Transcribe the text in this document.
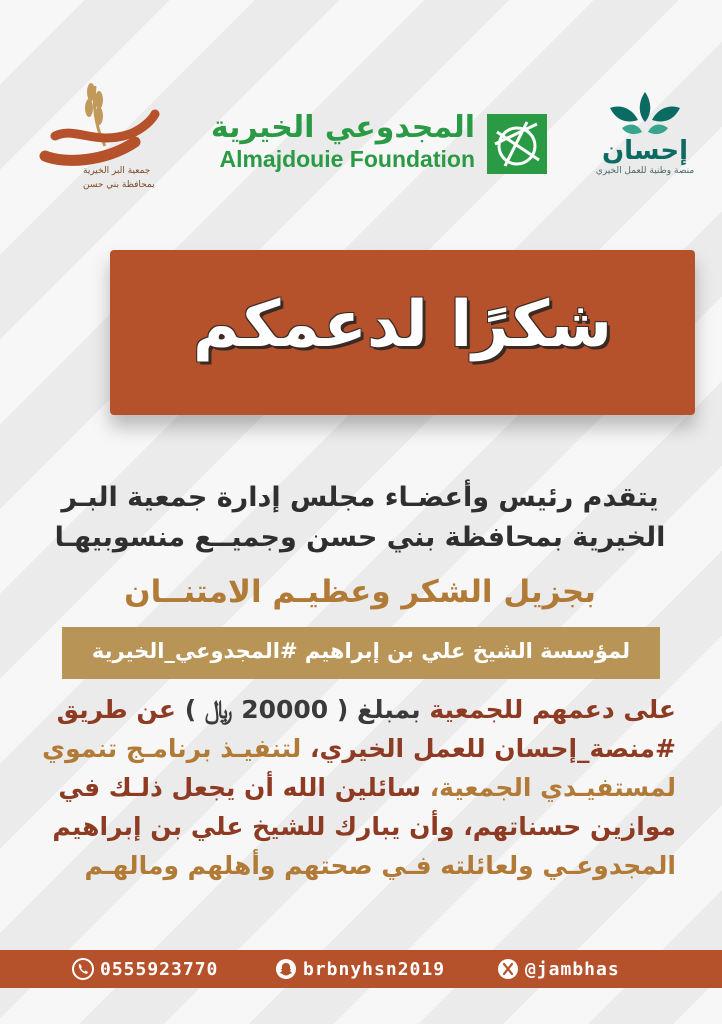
إحسان
منصة وطنية للعمل الخيري
المجدوعي الخيرية
Almajdouie Foundation
جمعية البر الخيرية
بمحافظة بني حسن
شكرًا لدعمكم

يتقدم رئيس وأعضـاء مجلس إدارة جمعية البـر

الخيرية بمحافظة بني حسن وجميــع منسوبيهـا

بجزيل الشكر وعظيـم الامتنــان
لمؤسسة الشيخ علي بن إبراهيم #المجدوعي_الخيرية
على دعمهم للجمعية بمبلغ ( 20000 ﷼ ) عن طريق
#منصة_إحسان للعمل الخيري، لتنفيـذ برنامـج تنموي
لمستفيـدي الجمعية، سائلين الله أن يجعل ذلـك في
موازين حسناتهم، وأن يبارك للشيخ علي بن إبراهيم
المجدوعـي ولعائلته فـي صحتهم وأهلهم ومالهـم
0555923770	brbnyhsn2019	@jambhas
